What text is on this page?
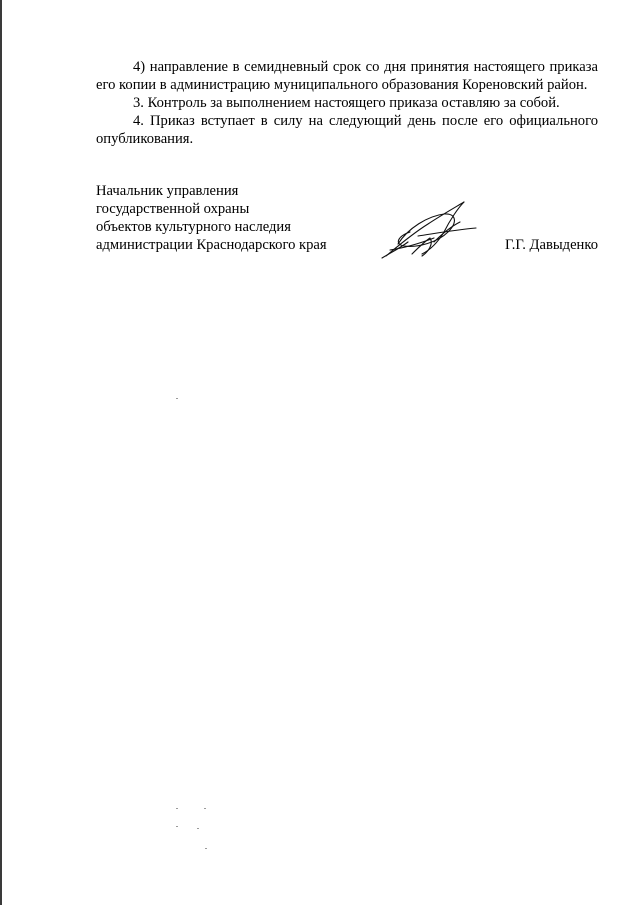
4) направление в семидневный срок со дня принятия настоящего приказа его копии в администрацию муниципального образования Кореновский район.

3. Контроль за выполнением настоящего приказа оставляю за собой.

4. Приказ вступает в силу на следующий день после его официального опубликования.

Начальник управления
государственной охраны
объектов культурного наследия
администрации Краснодарского края	Г.Г. Давыденко
